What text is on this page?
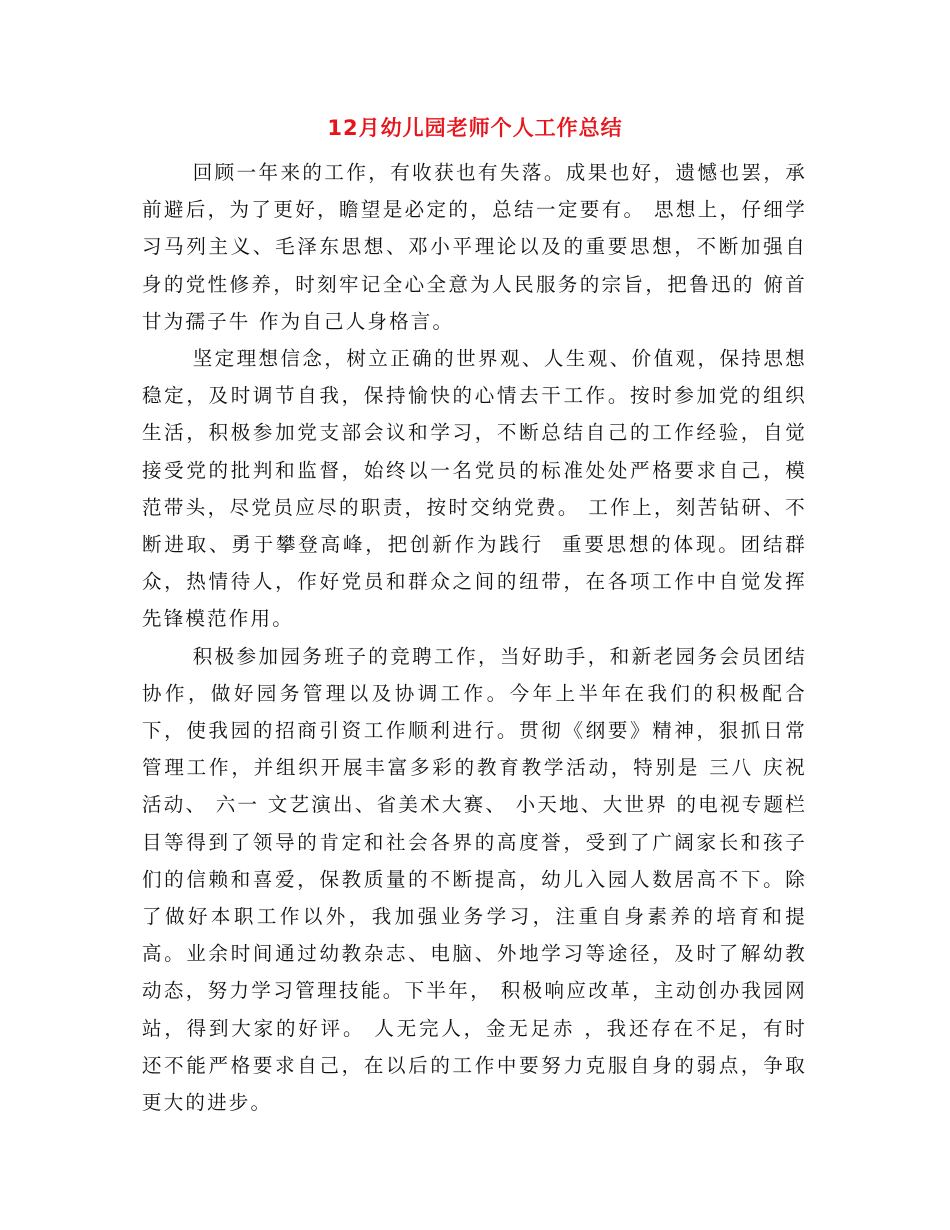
12月幼儿园老师个人工作总结

回顾一年来的工作，有收获也有失落。成果也好，遗憾也罢，承前避后，为了更好，瞻望是必定的，总结一定要有。 思想上，仔细学习马列主义、毛泽东思想、邓小平理论以及的重要思想，不断加强自身的党性修养，时刻牢记全心全意为人民服务的宗旨，把鲁迅的 俯首甘为孺子牛 作为自己人身格言。

坚定理想信念，树立正确的世界观、人生观、价值观，保持思想稳定，及时调节自我，保持愉快的心情去干工作。按时参加党的组织生活，积极参加党支部会议和学习，不断总结自己的工作经验，自觉接受党的批判和监督，始终以一名党员的标准处处严格要求自己，模范带头，尽党员应尽的职责，按时交纳党费。 工作上，刻苦钻研、不断进取、勇于攀登高峰，把创新作为践行  重要思想的体现。团结群众，热情待人，作好党员和群众之间的纽带，在各项工作中自觉发挥先锋模范作用。

积极参加园务班子的竞聘工作，当好助手，和新老园务会员团结协作，做好园务管理以及协调工作。今年上半年在我们的积极配合下，使我园的招商引资工作顺利进行。贯彻《纲要》精神，狠抓日常管理工作，并组织开展丰富多彩的教育教学活动，特别是 三八 庆祝活动、 六一 文艺演出、省美术大赛、 小天地、大世界 的电视专题栏目等得到了领导的肯定和社会各界的高度誉，受到了广阔家长和孩子们的信赖和喜爱，保教质量的不断提高，幼儿入园人数居高不下。除了做好本职工作以外，我加强业务学习，注重自身素养的培育和提高。业余时间通过幼教杂志、电脑、外地学习等途径，及时了解幼教动态，努力学习管理技能。下半年， 积极响应改革，主动创办我园网站，得到大家的好评。 人无完人，金无足赤 ，我还存在不足，有时还不能严格要求自己，在以后的工作中要努力克服自身的弱点，争取更大的进步。
